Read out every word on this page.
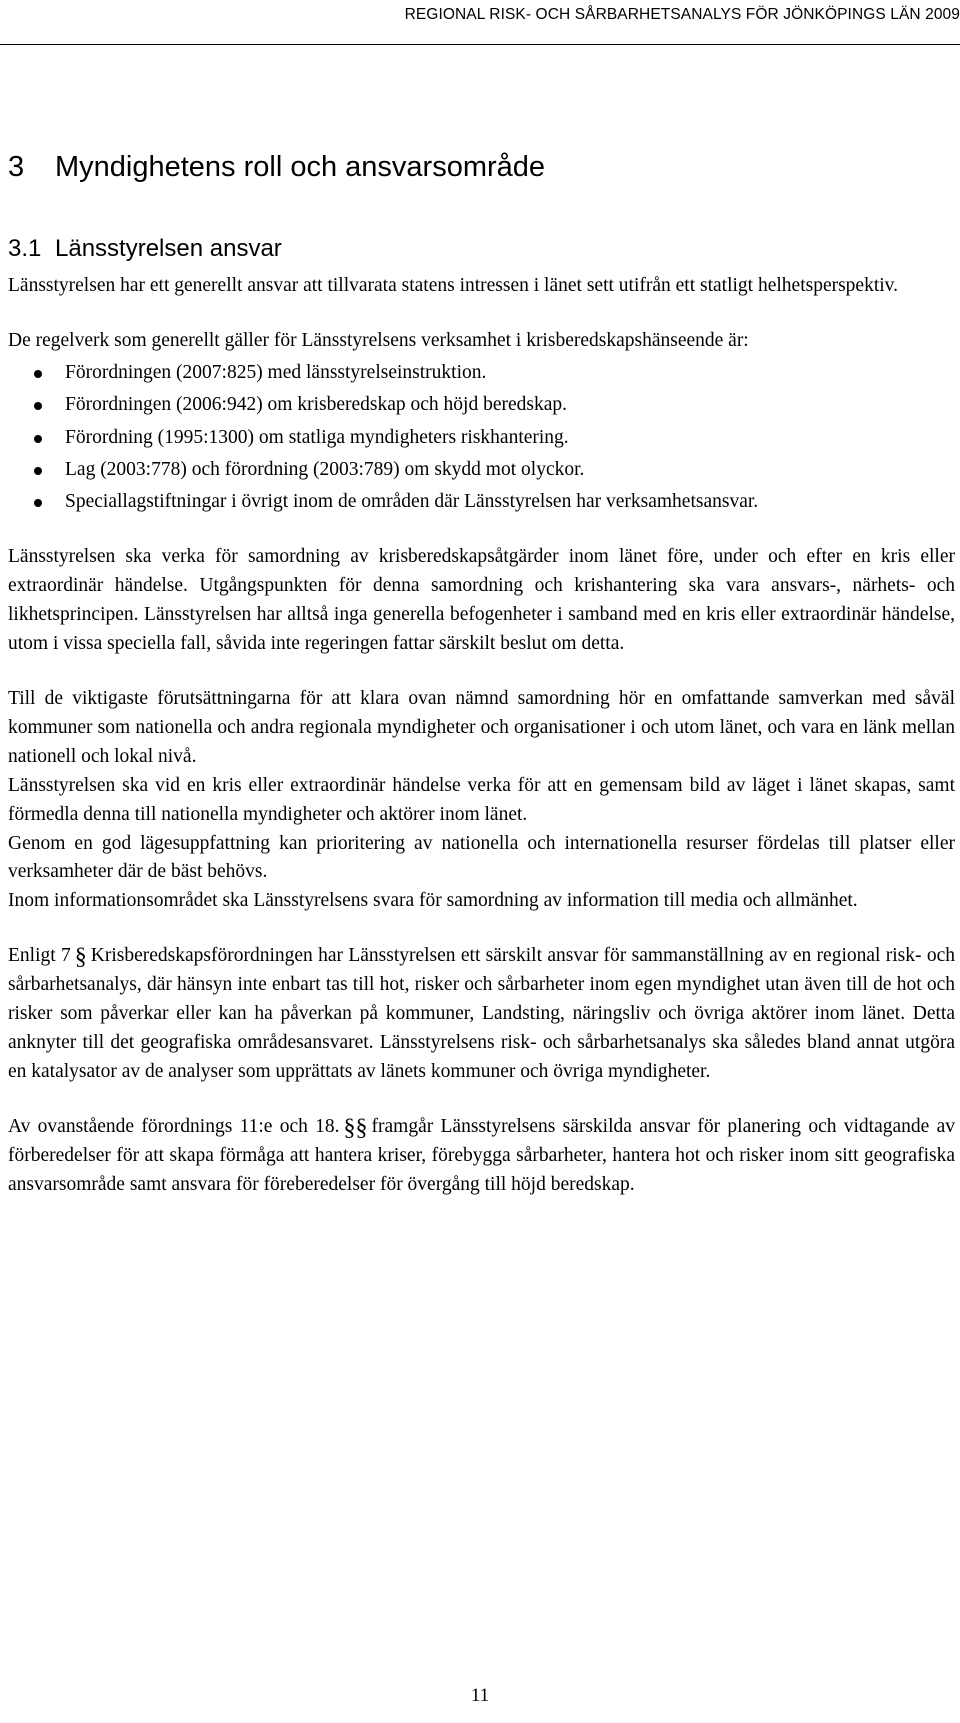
REGIONAL RISK- OCH SÅRBARHETSANALYS FÖR JÖNKÖPINGS LÄN 2009
3 Myndighetens roll och ansvarsområde
3.1 Länsstyrelsen ansvar

Länsstyrelsen har ett generellt ansvar att tillvarata statens intressen i länet sett utifrån ett statligt helhetsperspektiv.

De regelverk som generellt gäller för Länsstyrelsens verksamhet i krisberedskapshänseende är:

Förordningen (2007:825) med länsstyrelseinstruktion.
Förordningen (2006:942) om krisberedskap och höjd beredskap.
Förordning (1995:1300) om statliga myndigheters riskhantering.
Lag (2003:778) och förordning (2003:789) om skydd mot olyckor.
Speciallagstiftningar i övrigt inom de områden där Länsstyrelsen har verksamhetsansvar.

Länsstyrelsen ska verka för samordning av krisberedskapsåtgärder inom länet före, under och efter en kris eller extraordinär händelse. Utgångspunkten för denna samordning och krishantering ska vara ansvars-, närhets- och likhetsprincipen. Länsstyrelsen har alltså inga generella befogenheter i samband med en kris eller extraordinär händelse, utom i vissa speciella fall, såvida inte regeringen fattar särskilt beslut om detta.

Till de viktigaste förutsättningarna för att klara ovan nämnd samordning hör en omfattande samverkan med såväl kommuner som nationella och andra regionala myndigheter och organisationer i och utom länet, och vara en länk mellan nationell och lokal nivå.

Länsstyrelsen ska vid en kris eller extraordinär händelse verka för att en gemensam bild av läget i länet skapas, samt förmedla denna till nationella myndigheter och aktörer inom länet.

Genom en god lägesuppfattning kan prioritering av nationella och internationella resurser fördelas till platser eller verksamheter där de bäst behövs.

Inom informationsområdet ska Länsstyrelsens svara för samordning av information till media och allmänhet.

Enligt 7 § Krisberedskapsförordningen har Länsstyrelsen ett särskilt ansvar för sammanställning av en regional risk- och sårbarhetsanalys, där hänsyn inte enbart tas till hot, risker och sårbarheter inom egen myndighet utan även till de hot och risker som påverkar eller kan ha påverkan på kommuner, Landsting, näringsliv och övriga aktörer inom länet. Detta anknyter till det geografiska områdesansvaret. Länsstyrelsens risk- och sårbarhetsanalys ska således bland annat utgöra en katalysator av de analyser som upprättats av länets kommuner och övriga myndigheter.

Av ovanstående förordnings 11:e och 18. §§ framgår Länsstyrelsens särskilda ansvar för planering och vidtagande av förberedelser för att skapa förmåga att hantera kriser, förebygga sårbarheter, hantera hot och risker inom sitt geografiska ansvarsområde samt ansvara för föreberedelser för övergång till höjd beredskap.

11
